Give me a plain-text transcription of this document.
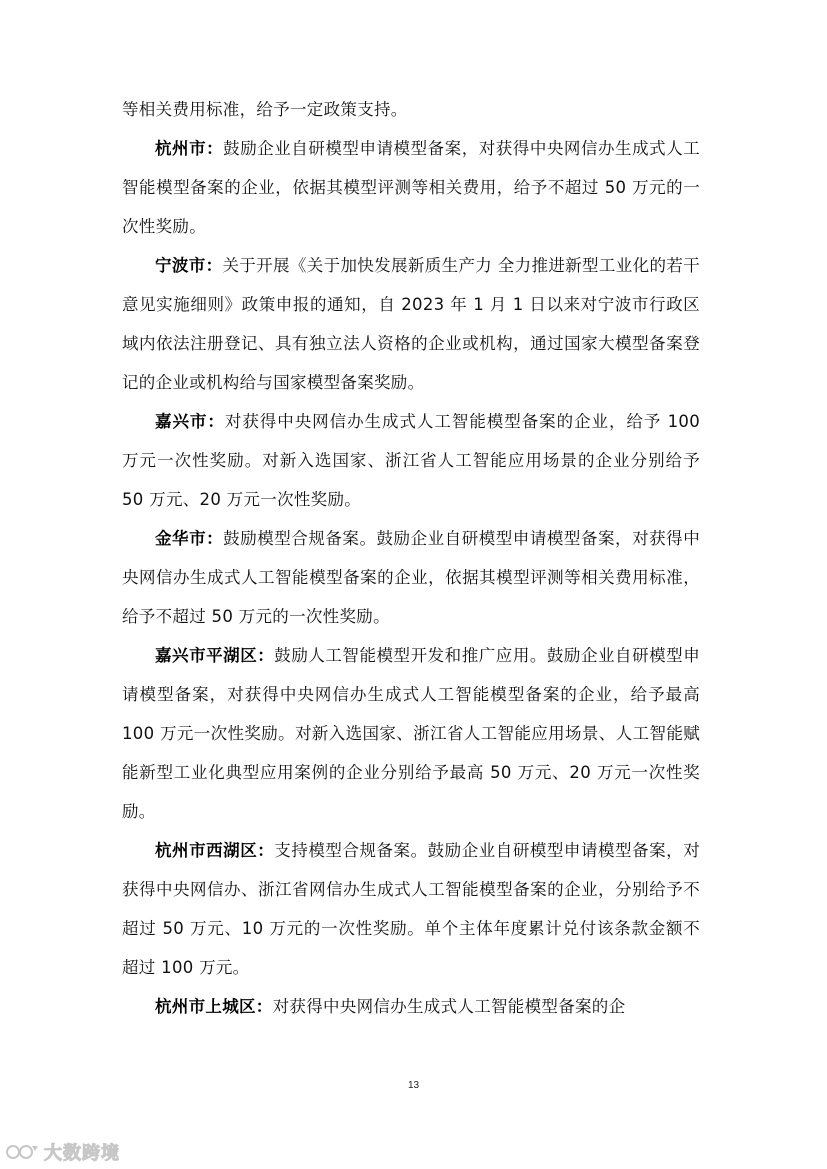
等相关费用标准，给予一定政策支持。

杭州市：鼓励企业自研模型申请模型备案，对获得中央网信办生成式人工智能模型备案的企业，依据其模型评测等相关费用，给予不超过 50 万元的一次性奖励。

宁波市：关于开展《关于加快发展新质生产力 全力推进新型工业化的若干意见实施细则》政策申报的通知，自 2023 年 1 月 1 日以来对宁波市行政区域内依法注册登记、具有独立法人资格的企业或机构，通过国家大模型备案登记的企业或机构给与国家模型备案奖励。

嘉兴市：对获得中央网信办生成式人工智能模型备案的企业，给予 100 万元一次性奖励。对新入选国家、浙江省人工智能应用场景的企业分别给予 50 万元、20 万元一次性奖励。

金华市：鼓励模型合规备案。鼓励企业自研模型申请模型备案，对获得中央网信办生成式人工智能模型备案的企业，依据其模型评测等相关费用标准，给予不超过 50 万元的一次性奖励。

嘉兴市平湖区：鼓励人工智能模型开发和推广应用。鼓励企业自研模型申请模型备案，对获得中央网信办生成式人工智能模型备案的企业，给予最高 100 万元一次性奖励。对新入选国家、浙江省人工智能应用场景、人工智能赋能新型工业化典型应用案例的企业分别给予最高 50 万元、20 万元一次性奖励。

杭州市西湖区：支持模型合规备案。鼓励企业自研模型申请模型备案，对获得中央网信办、浙江省网信办生成式人工智能模型备案的企业，分别给予不超过 50 万元、10 万元的一次性奖励。单个主体年度累计兑付该条款金额不超过 100 万元。

杭州市上城区：对获得中央网信办生成式人工智能模型备案的企

13
大数跨境
